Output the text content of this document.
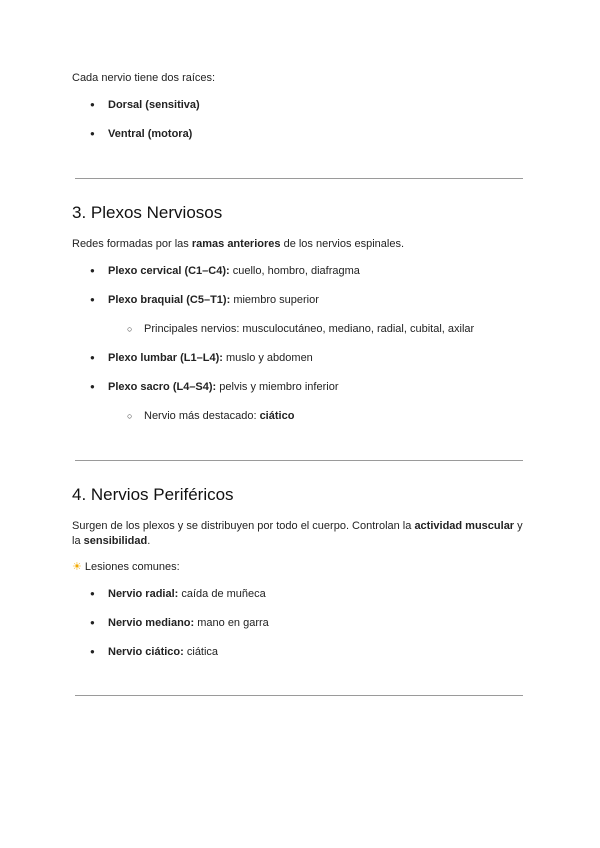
Cada nervio tiene dos raíces:

● Dorsal (sensitiva)
● Ventral (motora)
3. Plexos Nerviosos

Redes formadas por las ramas anteriores de los nervios espinales.

● Plexo cervical (C1–C4): cuello, hombro, diafragma
● Plexo braquial (C5–T1): miembro superior
○ Principales nervios: musculocutáneo, mediano, radial, cubital, axilar
● Plexo lumbar (L1–L4): muslo y abdomen
● Plexo sacro (L4–S4): pelvis y miembro inferior
○ Nervio más destacado: ciático
4. Nervios Periféricos

Surgen de los plexos y se distribuyen por todo el cuerpo. Controlan la actividad muscular y

la sensibilidad.

☀ Lesiones comunes:

● Nervio radial: caída de muñeca
● Nervio mediano: mano en garra
● Nervio ciático: ciática
